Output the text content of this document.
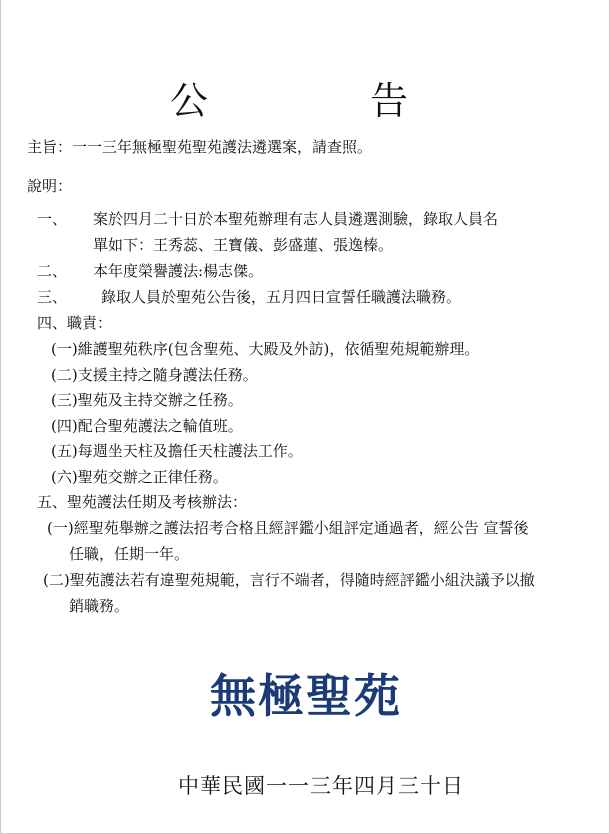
公　告
主旨：一一三年無極聖苑聖苑護法遴選案，請查照。
說明：
一、 案於四月二十日於本聖苑辦理有志人員遴選測驗，錄取人員名
單如下：王秀蕊、王寶儀、彭盛蓮、張逸榛。
二、 本年度榮譽護法:楊志傑。
三、 錄取人員於聖苑公告後，五月四日宣誓任職護法職務。
四、職責：
(一)維護聖苑秩序(包含聖苑、大殿及外訪)，依循聖苑規範辦理。
(二)支援主持之隨身護法任務。
(三)聖苑及主持交辦之任務。
(四)配合聖苑護法之輪值班。
(五)每週坐天柱及擔任天柱護法工作。
(六)聖苑交辦之正律任務。
五、聖苑護法任期及考核辦法：
(一)經聖苑舉辦之護法招考合格且經評鑑小組評定通過者，經公告 宣誓後
任職，任期一年。
(二)聖苑護法若有違聖苑規範，言行不端者，得隨時經評鑑小組決議予以撤
銷職務。
無極聖苑
中華民國一一三年四月三十日
